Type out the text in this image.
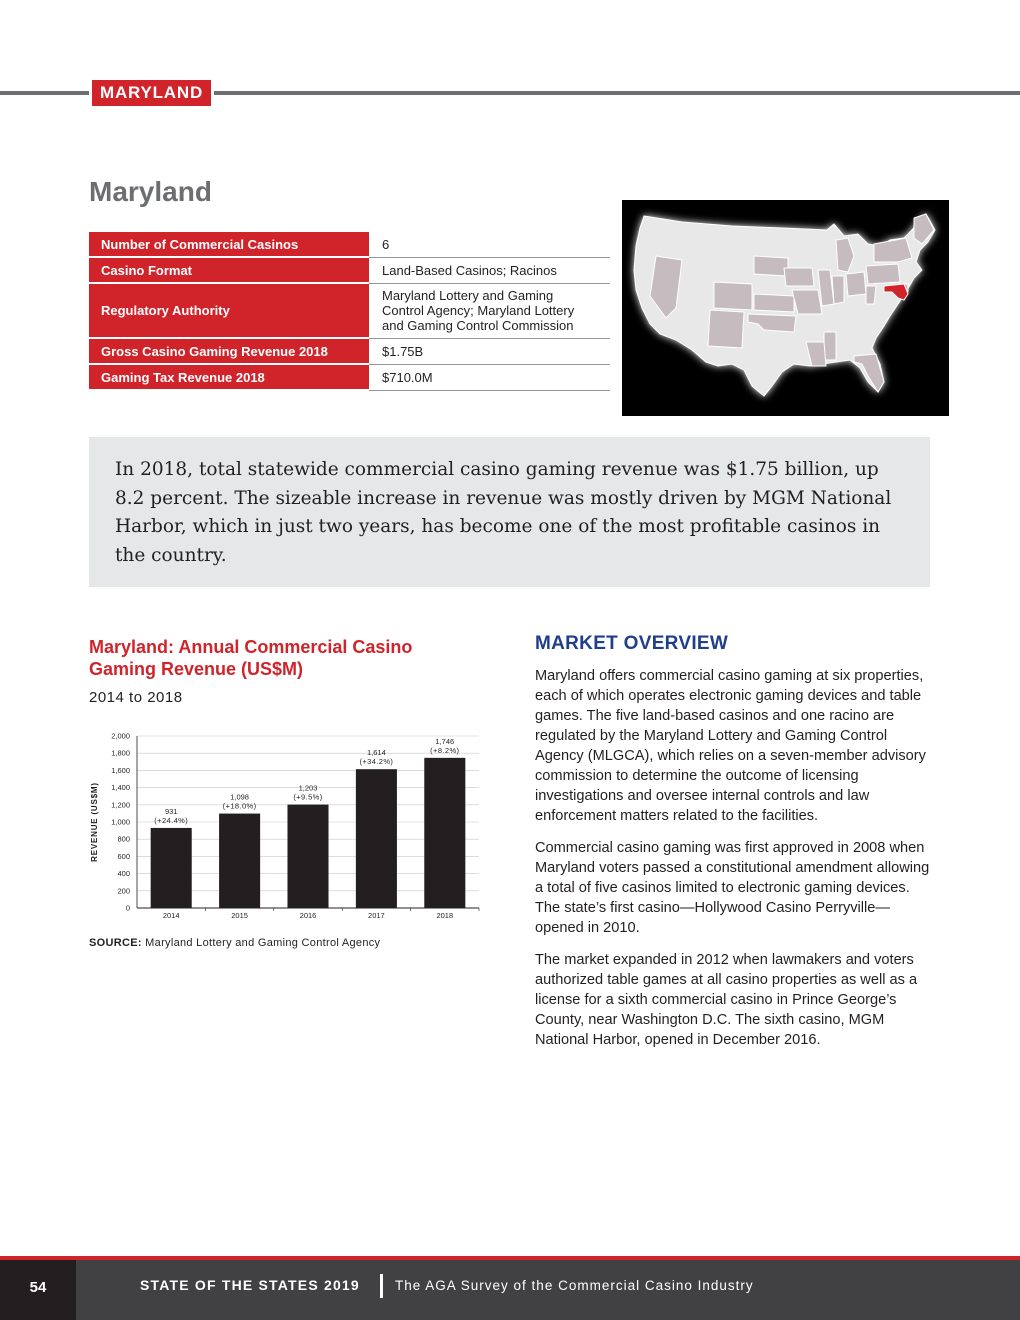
MARYLAND
Maryland
Number of Commercial Casinos	6
Casino Format	Land-Based Casinos; Racinos
Regulatory Authority	Maryland Lottery and Gaming Control Agency; Maryland Lottery and Gaming Control Commission
Gross Casino Gaming Revenue 2018	$1.75B
Gaming Tax Revenue 2018	$710.0M
In 2018, total statewide commercial casino gaming revenue was $1.75 billion, up 8.2 percent. The sizeable increase in revenue was mostly driven by MGM National Harbor, which in just two years, has become one of the most profitable casinos in the country.
Maryland: Annual Commercial Casino Gaming Revenue (US$M)
2014 to 2018
0
200
400
600
800
1,000
1,200
1,400
1,600
1,800
2,000
REVENUE (US$M)
2014
931
(+24.4%)
2015
1,098
(+18.0%)
2016
1,203
(+9.5%)
2017
1,614
(+34.2%)
2018
1,746
(+8.2%)
SOURCE: Maryland Lottery and Gaming Control Agency
MARKET OVERVIEW

Maryland offers commercial casino gaming at six properties, each of which operates electronic gaming devices and table games. The five land-based casinos and one racino are regulated by the Maryland Lottery and Gaming Control Agency (MLGCA), which relies on a seven-member advisory commission to determine the outcome of licensing investigations and oversee internal controls and law enforcement matters related to the facilities.

Commercial casino gaming was first approved in 2008 when Maryland voters passed a constitutional amendment allowing a total of five casinos limited to electronic gaming devices. The state’s first casino—Hollywood Casino Perryville—opened in 2010.

The market expanded in 2012 when lawmakers and voters authorized table games at all casino properties as well as a license for a sixth commercial casino in Prince George’s County, near Washington D.C. The sixth casino, MGM National Harbor, opened in December 2016.

54	STATE OF THE STATES 2019	The AGA Survey of the Commercial Casino Industry
